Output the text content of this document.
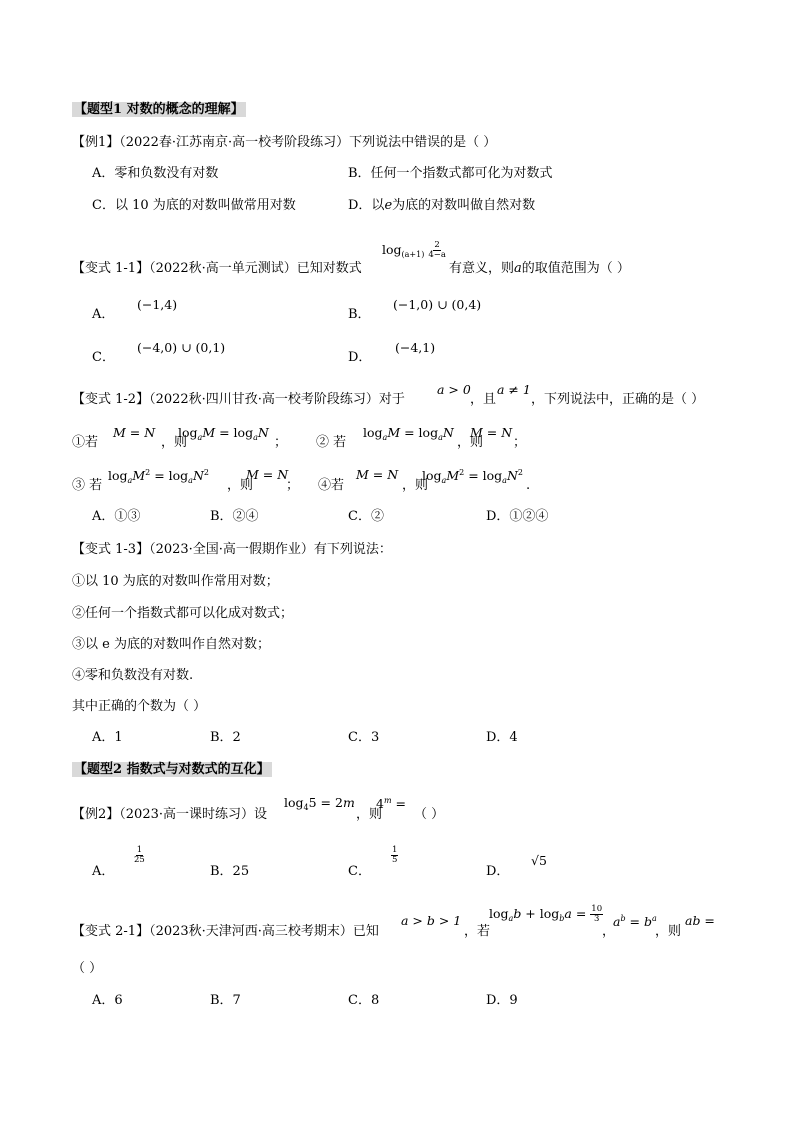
【题型1 对数的概念的理解】
【例1】（2022春·江苏南京·高一校考阶段练习）下列说法中错误的是（ ）
A．零和负数没有对数	B．任何一个指数式都可化为对数式
C．以 10 为底的对数叫做常用对数	D．以e为底的对数叫做自然对数
【变式 1-1】（2022秋·高一单元测试）已知对数式
$\log_{(a+1)} \frac{2}{4-a}$
有意义，则a的取值范围为（ ）
A．
(−1,4)
B．
(−1,0) ∪ (0,4)
C．
(−4,0) ∪ (0,1)
D．
(−4,1)
【变式 1-2】（2022秋·四川甘孜·高一校考阶段练习）对于
a > 0
，且
a ≠ 1
，下列说法中，正确的是（ ）
①若
M = N
，则
$\log_aM = \log_aN$
； ② 若
$\log_aM = \log_aN$
，则
M = N
；
③ 若
$\log_aM^2 = \log_aN^2$
，则
M = N
； ④若
M = N
，则
$\log_aM^2 = \log_aN^2$
.
A．①③	B．②④	C．②	D．①②④
【变式 1-3】（2023·全国·高一假期作业）有下列说法：
①以 10 为底的对数叫作常用对数；
②任何一个指数式都可以化成对数式；
③以 e 为底的对数叫作自然对数；
④零和负数没有对数.
其中正确的个数为（ ）
A．1	B．2	C．3	D．4
【题型2 指数式与对数式的互化】
【例2】（2023·高一课时练习）设
$\log_45 = 2m$
，则
$4^m$ =
（ ）
A．
$\frac{1}{25}$
B．25	C．
$\frac{1}{5}$
D．
√5
【变式 2-1】（2023秋·天津河西·高三校考期末）已知
a > b > 1
，若
$\log_ab + \log_ba = \frac{10}{3}$
，
$a^b = b^a$
，则
ab =
（ ）
A．6	B．7	C．8	D．9
